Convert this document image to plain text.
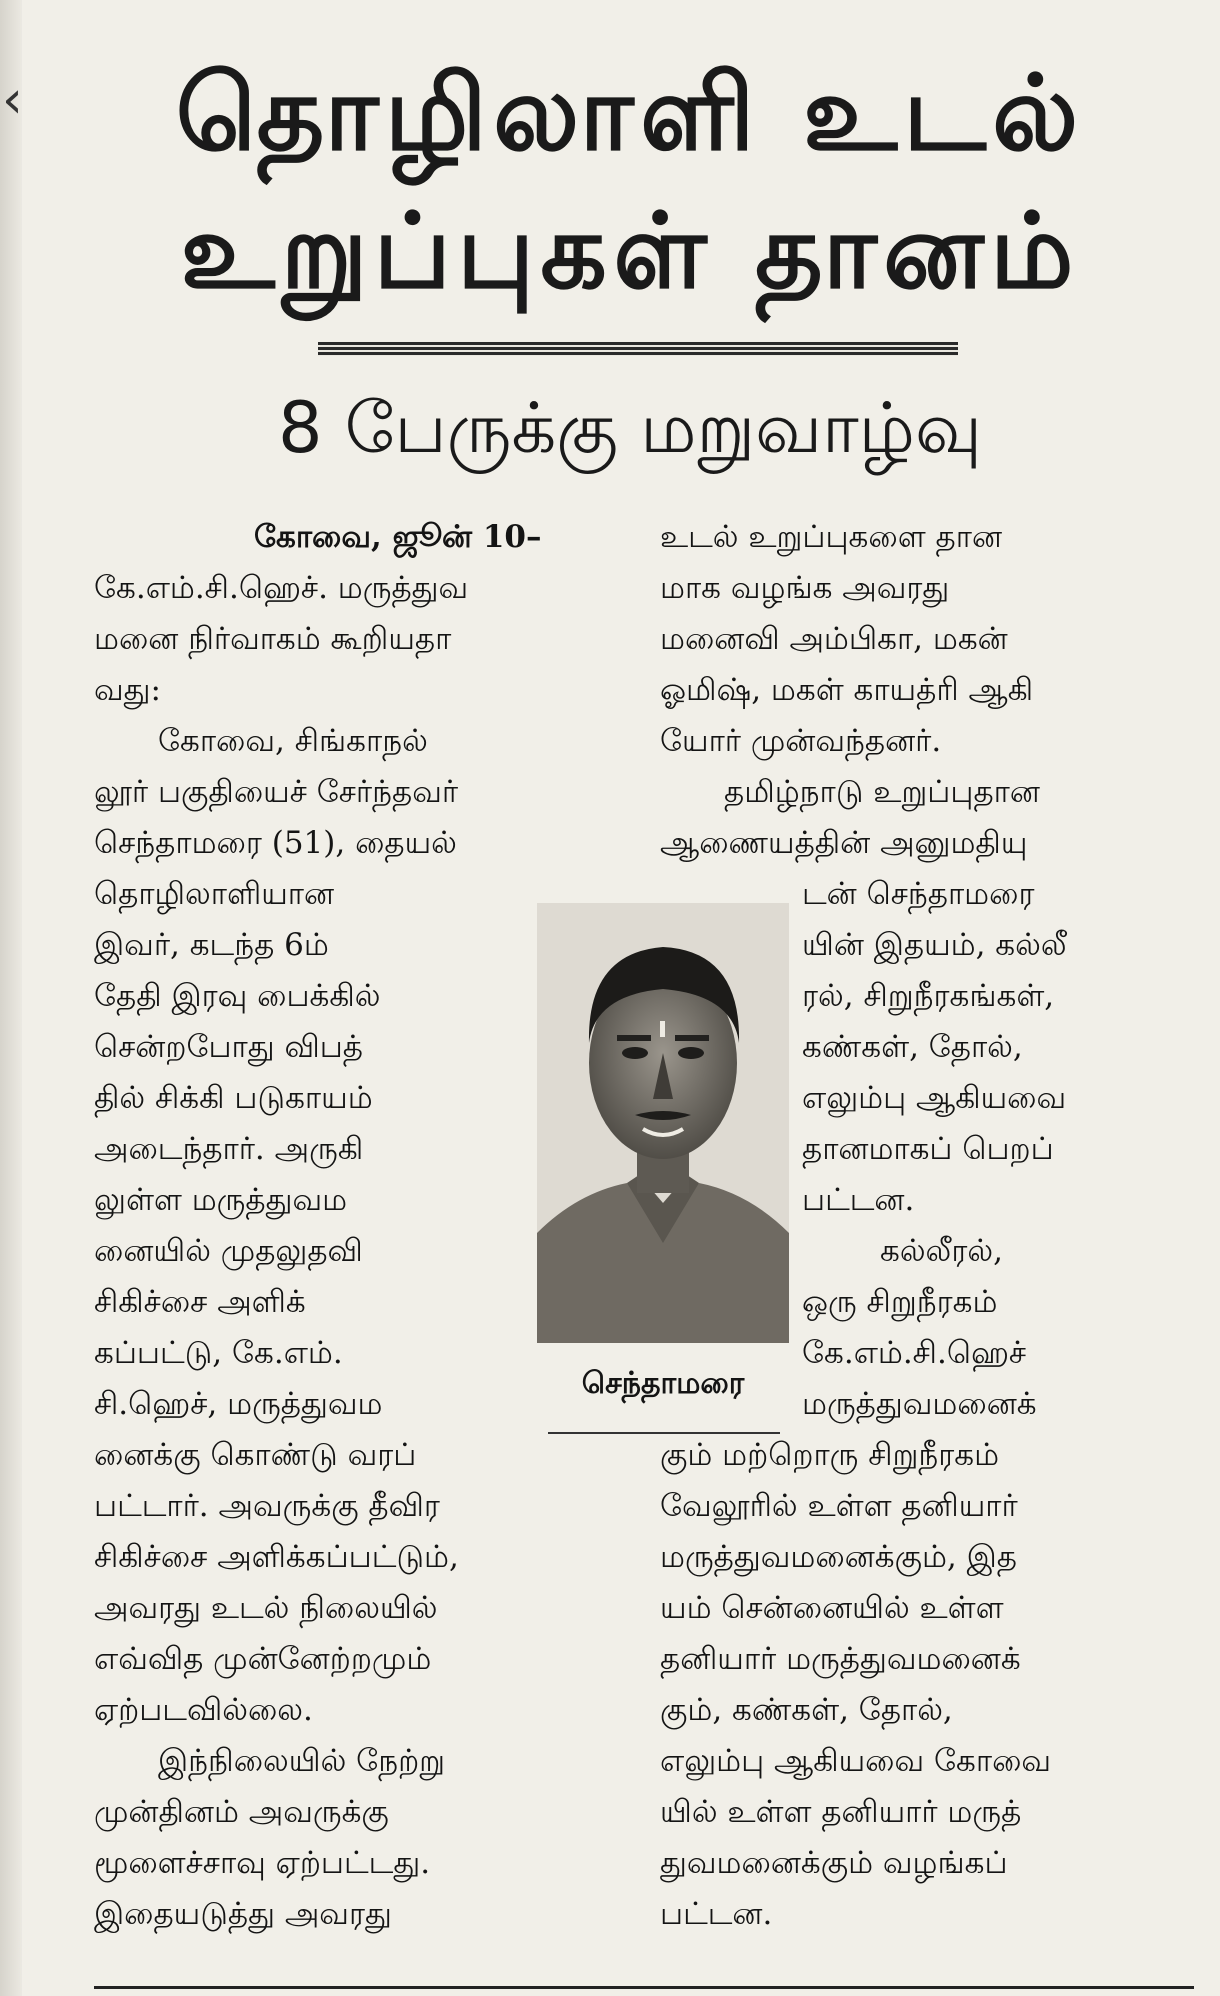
‹	தொழிலாளி உடல்
உறுப்புகள் தானம்
8 பேருக்கு மறுவாழ்வு
கோவை, ஜூன் 10–
கே.எம்.சி.ஹெச். மருத்துவ
மனை நிர்வாகம் கூறியதா
வது:
கோவை, சிங்காநல்
லூர் பகுதியைச் சேர்ந்தவர்
செந்தாமரை (51), தையல்
தொழிலாளியான
இவர், கடந்த 6ம்
தேதி இரவு பைக்கில்
சென்றபோது விபத்
தில் சிக்கி படுகாயம்
அடைந்தார். அருகி
லுள்ள மருத்துவம
னையில் முதலுதவி
சிகிச்சை அளிக்
கப்பட்டு, கே.எம்.
சி.ஹெச், மருத்துவம
னைக்கு கொண்டு வரப்
பட்டார். அவருக்கு தீவிர
சிகிச்சை அளிக்கப்பட்டும்,
அவரது உடல் நிலையில்
எவ்வித முன்னேற்றமும்
ஏற்படவில்லை.
இந்நிலையில் நேற்று
முன்தினம் அவருக்கு
மூளைச்சாவு ஏற்பட்டது.
இதையடுத்து அவரது
உடல் உறுப்புகளை தான
மாக வழங்க அவரது
மனைவி அம்பிகா, மகன்
ஓமிஷ், மகள் காயத்ரி ஆகி
யோர் முன்வந்தனர்.
தமிழ்நாடு உறுப்புதான
ஆணையத்தின் அனுமதியு
டன் செந்தாமரை
யின் இதயம், கல்லீ
ரல், சிறுநீரகங்கள்,
கண்கள், தோல்,
எலும்பு ஆகியவை
தானமாகப் பெறப்
பட்டன.
கல்லீரல்,
ஒரு சிறுநீரகம்
கே.எம்.சி.ஹெச்
மருத்துவமனைக்
கும் மற்றொரு சிறுநீரகம்
வேலூரில் உள்ள தனியார்
மருத்துவமனைக்கும், இத
யம் சென்னையில் உள்ள
தனியார் மருத்துவமனைக்
கும், கண்கள், தோல்,
எலும்பு ஆகியவை கோவை
யில் உள்ள தனியார் மருத்
துவமனைக்கும் வழங்கப்
பட்டன.
செந்தாமரை
